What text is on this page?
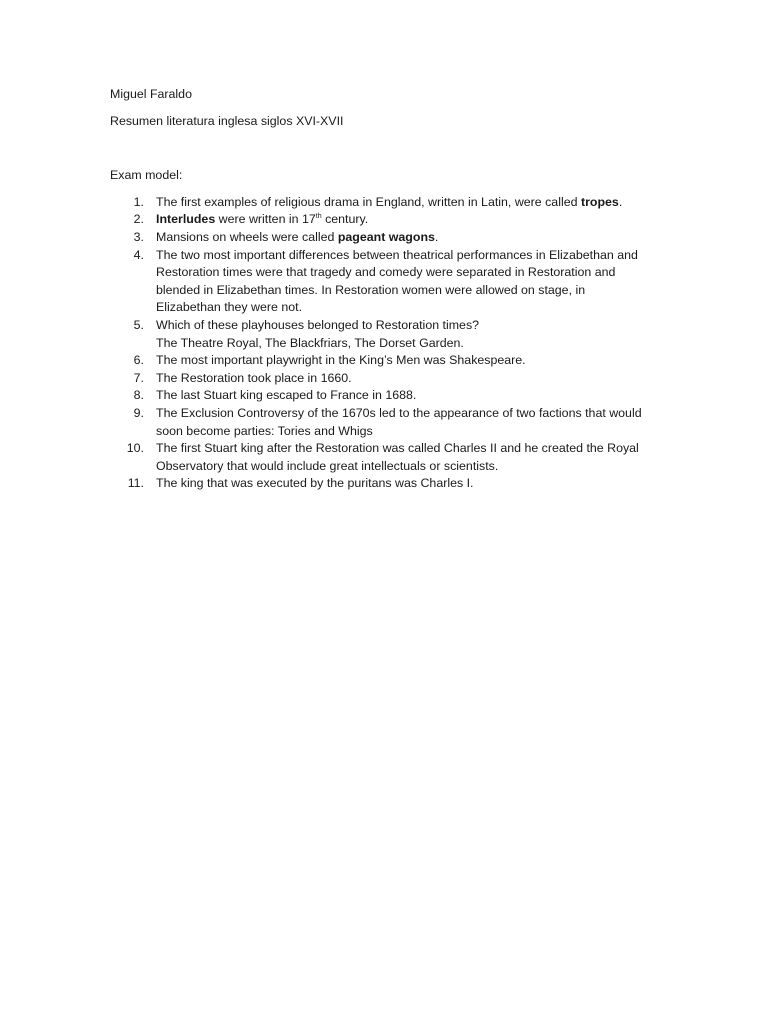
Miguel Faraldo

Resumen literatura inglesa siglos XVI-XVII

Exam model:

1. The first examples of religious drama in England, written in Latin, were called tropes.
2. Interludes were written in 17th century.
3. Mansions on wheels were called pageant wagons.
4. The two most important differences between theatrical performances in Elizabethan and Restoration times were that tragedy and comedy were separated in Restoration and blended in Elizabethan times. In Restoration women were allowed on stage, in Elizabethan they were not.
5. Which of these playhouses belonged to Restoration times?
The Theatre Royal, The Blackfriars, The Dorset Garden.
6. The most important playwright in the King’s Men was Shakespeare.
7. The Restoration took place in 1660.
8. The last Stuart king escaped to France in 1688.
9. The Exclusion Controversy of the 1670s led to the appearance of two factions that would soon become parties: Tories and Whigs
10. The first Stuart king after the Restoration was called Charles II and he created the Royal Observatory that would include great intellectuals or scientists.
11. The king that was executed by the puritans was Charles I.
